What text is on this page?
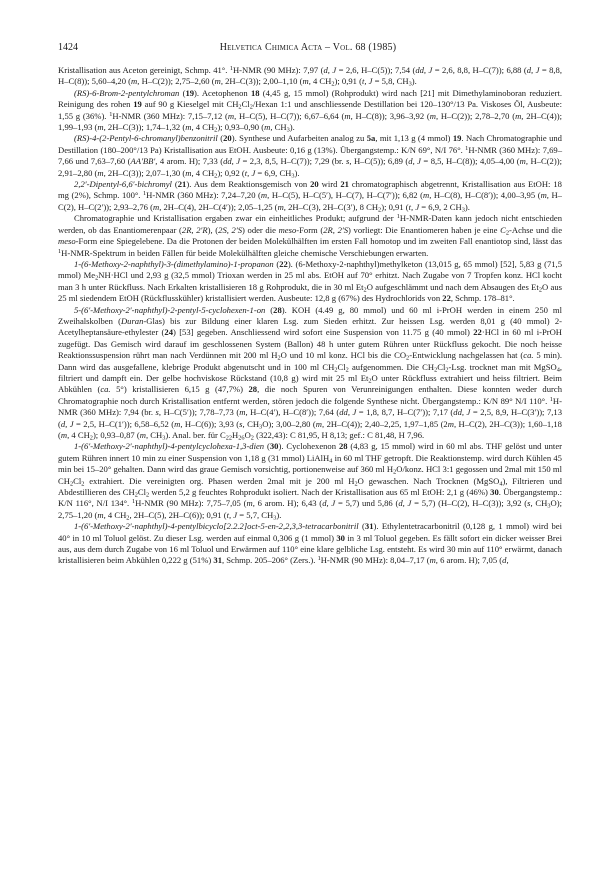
1424	Helvetica Chimica Acta – Vol. 68 (1985)

Kristallisation aus Aceton gereinigt, Schmp. 41°. $^1$H-NMR (90 MHz): 7,97 (d, J = 2,6, H–C(5)); 7,54 (dd, J = 2,6, 8,8, H–C(7)); 6,88 (d, J = 8,8, H–C(8)); 5,60–4,20 (m, H–C(2)); 2,75–2,60 (m, 2H–C(3)); 2,00–1,10 (m, 4 $CH_2$); 0,91 (t, J = 5,8, $CH_3$).

(RS)-6-Brom-2-pentylchroman (19). Acetophenon 18 (4,45 g, 15 mmol) (Rohprodukt) wird nach [21] mit Dimethylaminoboran reduziert. Reinigung des rohen 19 auf 90 g Kieselgel mit $CH_2Cl_2$/Hexan 1:1 und anschliessende Destillation bei 120–130°/13 Pa. Viskoses Öl, Ausbeute: 1,55 g (36%). $^1$H-NMR (360 MHz): 7,15–7,12 (m, H–C(5), H–C(7)); 6,67–6,64 (m, H–C(8)); 3,96–3,92 (m, H–C(2)); 2,78–2,70 (m, 2H–C(4)); 1,99–1,93 (m, 2H–C(3)); 1,74–1,32 (m, 4 $CH_2$); 0,93–0,90 (m, $CH_3$).

(RS)-4-(2-Pentyl-6-chromanyl)benzonitril (20). Synthese und Aufarbeiten analog zu 5a, mit 1,13 g (4 mmol) 19. Nach Chromatographie und Destillation (180–200°/13 Pa) Kristallisation aus EtOH. Ausbeute: 0,16 g (13%). Übergangstemp.: K/N 69°, N/I 76°. $^1$H-NMR (360 MHz): 7,69–7,66 und 7,63–7,60 (AA′BB′, 4 arom. H); 7,33 (dd, J = 2,3, 8,5, H–C(7)); 7,29 (br. s, H–C(5)); 6,89 (d, J = 8,5, H–C(8)); 4,05–4,00 (m, H–C(2)); 2,91–2,80 (m, 2H–C(3)); 2,07–1,30 (m, 4 $CH_2$); 0,92 (t, J = 6,9, $CH_3$).

2,2′-Dipentyl-6,6′-bichromyl (21). Aus dem Reaktionsgemisch von 20 wird 21 chromatographisch abgetrennt, Kristallisation aus EtOH: 18 mg (2%), Schmp. 100°. $^1$H-NMR (360 MHz): 7,24–7,20 (m, H–C(5), H–C(5′), H–C(7), H–C(7′)); 6,82 (m, H–C(8), H–C(8′)); 4,00–3,95 (m, H–C(2), H–C(2′)); 2,93–2,76 (m, 2H–C(4), 2H–C(4′)); 2,05–1,25 (m, 2H–C(3), 2H–C(3′), 8 $CH_2$); 0,91 (t, J = 6,9, 2 $CH_3$).

Chromatographie und Kristallisation ergaben zwar ein einheitliches Produkt; aufgrund der $^1$H-NMR-Daten kann jedoch nicht entschieden werden, ob das Enantiomerenpaar (2R, 2′R), (2S, 2′S) oder die meso-Form (2R, 2′S) vorliegt: Die Enantiomeren haben je eine $C_2$-Achse und die meso-Form eine Spiegelebene. Da die Protonen der beiden Molekülhälften im ersten Fall homotop und im zweiten Fall enantiotop sind, lässt das $^1$H-NMR-Spektrum in beiden Fällen für beide Molekülhälften gleiche chemische Verschiebungen erwarten.

1-(6-Methoxy-2-naphthyl)-3-(dimethylamino)-1-propanon (22). (6-Methoxy-2-naphthyl)methylketon (13,015 g, 65 mmol) [52], 5,83 g (71,5 mmol) $Me_2NH\cdot HCl$ und 2,93 g (32,5 mmol) Trioxan werden in 25 ml abs. EtOH auf 70° erhitzt. Nach Zugabe von 7 Tropfen konz. HCl kocht man 3 h unter Rückfluss. Nach Erkalten kristallisieren 18 g Rohprodukt, die in 30 ml $Et_2O$ aufgeschlämmt und nach dem Absaugen des $Et_2O$ aus 25 ml siedendem EtOH (Rückflusskühler) kristallisiert werden. Ausbeute: 12,8 g (67%) des Hydrochlorids von 22, Schmp. 178–81°.

5-(6′-Methoxy-2′-naphthyl)-2-pentyl-5-cyclohexen-1-on (28). KOH (4.49 g, 80 mmol) und 60 ml i-PrOH werden in einem 250 ml Zweihalskolben (Duran-Glas) bis zur Bildung einer klaren Lsg. zum Sieden erhitzt. Zur heissen Lsg. werden 8,01 g (40 mmol) 2-Acetylheptansäure-ethylester (24) [53] gegeben. Anschliessend wird sofort eine Suspension von 11.75 g (40 mmol) 22·HCl in 60 ml i-PrOH zugefügt. Das Gemisch wird darauf im geschlossenen System (Ballon) 48 h unter gutem Rühren unter Rückfluss gekocht. Die noch heisse Reaktionssuspension rührt man nach Verdünnen mit 200 ml $H_2O$ und 10 ml konz. HCl bis die $CO_2$-Entwicklung nachgelassen hat (ca. 5 min). Dann wird das ausgefallene, klebrige Produkt abgenutscht und in 100 ml $CH_2Cl_2$ aufgenommen. Die $CH_2Cl_2$-Lsg. trocknet man mit MgSO$_4$, filtriert und dampft ein. Der gelbe hochviskose Rückstand (10,8 g) wird mit 25 ml $Et_2O$ unter Rückfluss extrahiert und heiss filtriert. Beim Abkühlen (ca. 5°) kristallisieren 6,15 g (47,7%) 28, die noch Spuren von Verunreinigungen enthalten. Diese konnten weder durch Chromatographie noch durch Kristallisation entfernt werden, stören jedoch die folgende Synthese nicht. Übergangstemp.: K/N 89° N/I 110°. $^1$H-NMR (360 MHz): 7,94 (br. s, H–C(5′)); 7,78–7,73 (m, H–C(4′), H–C(8′)); 7,64 (dd, J = 1,8, 8,7, H–C(7′)); 7,17 (dd, J = 2,5, 8,9, H–C(3′)); 7,13 (d, J = 2,5, H–C(1′)); 6,58–6,52 (m, H–C(6)); 3,93 (s, $CH_3O$); 3,00–2,80 (m, 2H–C(4)); 2,40–2,25, 1,97–1,85 (2m, H–C(2), 2H–C(3)); 1,60–1,18 (m, 4 $CH_2$); 0,93–0,87 (m, $CH_3$). Anal. ber. für $C_{22}H_{26}O_2$ (322,43): C 81,95, H 8,13; gef.: C 81,48, H 7,96.

1-(6′-Methoxy-2′-naphthyl)-4-pentylcyclohexa-1,3-dien (30). Cyclohexenon 28 (4,83 g, 15 mmol) wird in 60 ml abs. THF gelöst und unter gutem Rühren innert 10 min zu einer Suspension von 1,18 g (31 mmol) LiAlH$_4$ in 60 ml THF getropft. Die Reaktionstemp. wird durch Kühlen 45 min bei 15–20° gehalten. Dann wird das graue Gemisch vorsichtig, portionenweise auf 360 ml $H_2O$/konz. HCl 3:1 gegossen und 2mal mit 150 ml $CH_2Cl_2$ extrahiert. Die vereinigten org. Phasen werden 2mal mit je 200 ml $H_2O$ gewaschen. Nach Trocknen (MgSO$_4$), Filtrieren und Abdestillieren des $CH_2Cl_2$ werden 5,2 g feuchtes Rohprodukt isoliert. Nach der Kristallisation aus 65 ml EtOH: 2,1 g (46%) 30. Übergangstemp.: K/N 116°, N/I 134°. $^1$H-NMR (90 MHz): 7,75–7,05 (m, 6 arom. H); 6,43 (d, J = 5,7) und 5,86 (d, J = 5,7) (H–C(2), H–C(3)); 3,92 (s, $CH_3O$); 2,75–1,20 (m, 4 $CH_2$, 2H–C(5), 2H–C(6)); 0,91 (t, J = 5,7, $CH_3$).

1-(6′-Methoxy-2′-naphthyl)-4-pentylbicyclo[2.2.2]oct-5-en-2,2,3,3-tetracarbonitril (31). Ethylentetracarbonitril (0,128 g, 1 mmol) wird bei 40° in 10 ml Toluol gelöst. Zu dieser Lsg. werden auf einmal 0,306 g (1 mmol) 30 in 3 ml Toluol gegeben. Es fällt sofort ein dicker weisser Brei aus, aus dem durch Zugabe von 16 ml Toluol und Erwärmen auf 110° eine klare gelbliche Lsg. entsteht. Es wird 30 min auf 110° erwärmt, danach kristallisieren beim Abkühlen 0,222 g (51%) 31, Schmp. 205–206° (Zers.). $^1$H-NMR (90 MHz): 8,04–7,17 (m, 6 arom. H); 7,05 (d,
